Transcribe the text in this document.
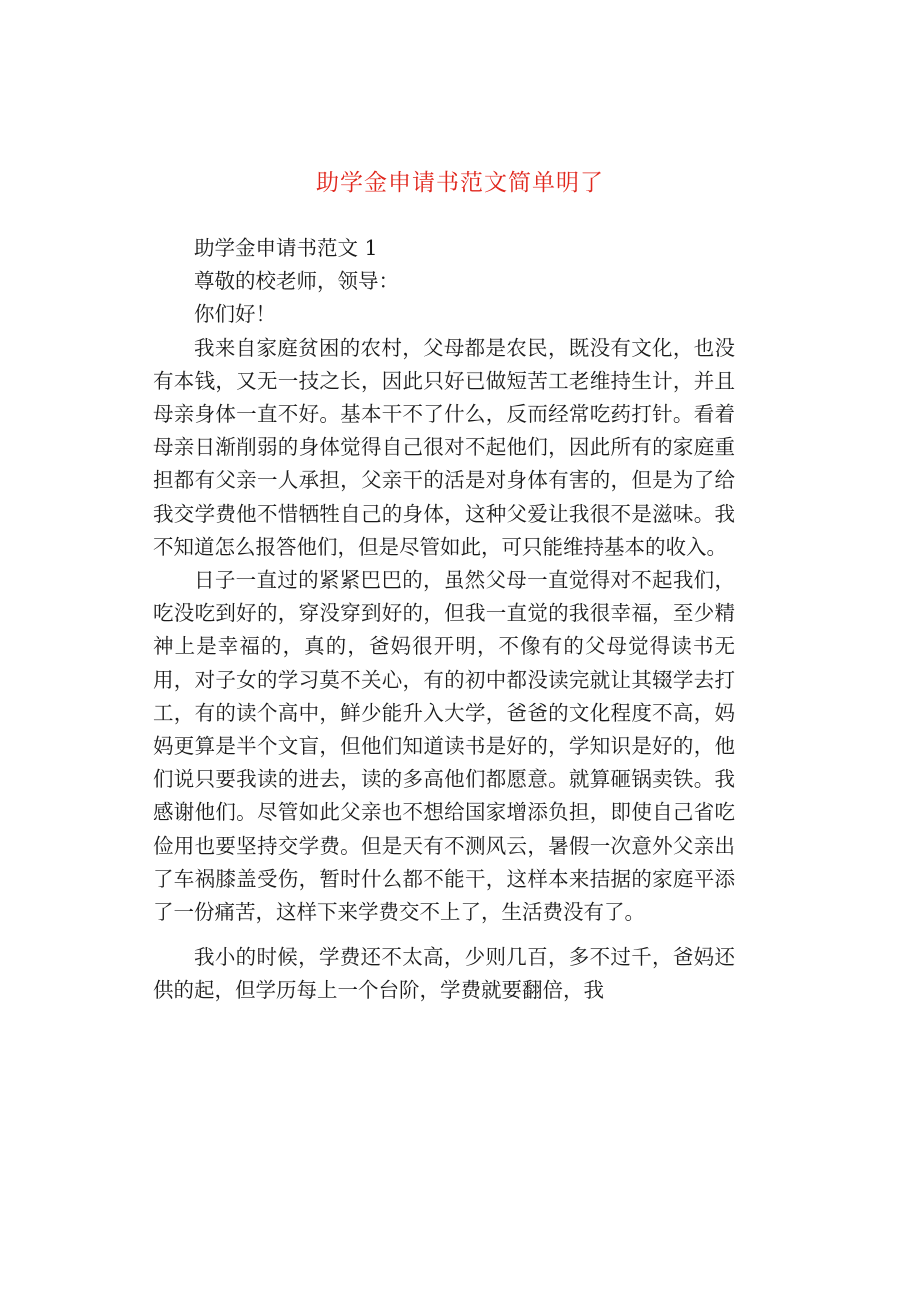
助学金申请书范文简单明了

助学金申请书范文 1

尊敬的校老师，领导：

你们好！

我来自家庭贫困的农村，父母都是农民，既没有文化，也没有本钱，又无一技之长，因此只好已做短苦工老维持生计，并且母亲身体一直不好。基本干不了什么，反而经常吃药打针。看着母亲日渐削弱的身体觉得自己很对不起他们，因此所有的家庭重担都有父亲一人承担，父亲干的活是对身体有害的，但是为了给我交学费他不惜牺牲自己的身体，这种父爱让我很不是滋味。我不知道怎么报答他们，但是尽管如此，可只能维持基本的收入。

日子一直过的紧紧巴巴的，虽然父母一直觉得对不起我们，吃没吃到好的，穿没穿到好的，但我一直觉的我很幸福，至少精神上是幸福的，真的，爸妈很开明，不像有的父母觉得读书无用，对子女的学习莫不关心，有的初中都没读完就让其辍学去打工，有的读个高中，鲜少能升入大学，爸爸的文化程度不高，妈妈更算是半个文盲，但他们知道读书是好的，学知识是好的，他们说只要我读的进去，读的多高他们都愿意。就算砸锅卖铁。我感谢他们。尽管如此父亲也不想给国家增添负担，即使自己省吃俭用也要坚持交学费。但是天有不测风云，暑假一次意外父亲出了车祸膝盖受伤，暂时什么都不能干，这样本来拮据的家庭平添了一份痛苦，这样下来学费交不上了，生活费没有了。

我小的时候，学费还不太高，少则几百，多不过千，爸妈还供的起，但学历每上一个台阶，学费就要翻倍，我
